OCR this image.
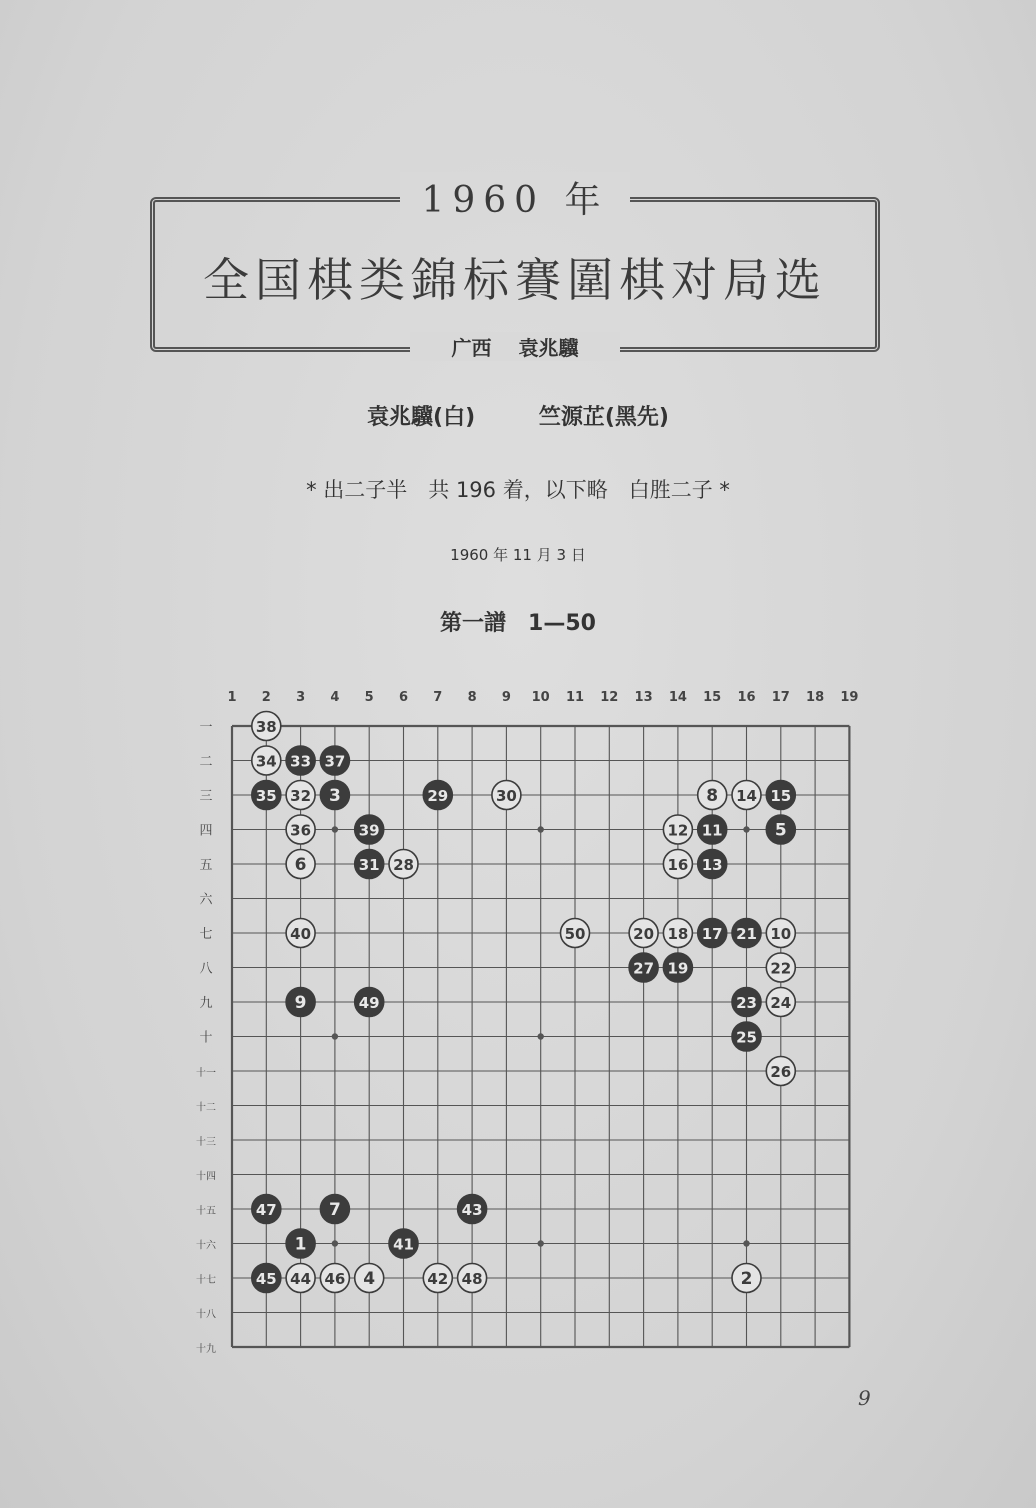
1960 年
全国棋类錦标賽圍棋对局选
广西 袁兆驥
袁兆驥(白)	竺源芷(黑先)
* 出二子半　共 196 着，以下略　白胜二子 *
1960 年 11 月 3 日
第一譜　1—50
1 2 3 4 5 6 7 8 9 10 11 12 13 14 15 16 17 18 19
一
二
三
四
五
六
七
八
九
十
十一
十二
十三
十四
十五
十六
十七
十八
十九
1
2
3
4
5
6
7
8
9
10
11
12
13
14 15
16
17
18
19
20	21
22
23 24
25
26
27
28
29	30
31
32
33
34
35
36
37
38
39
40
41
42
43
44
45	46
47
48
49
50
9
